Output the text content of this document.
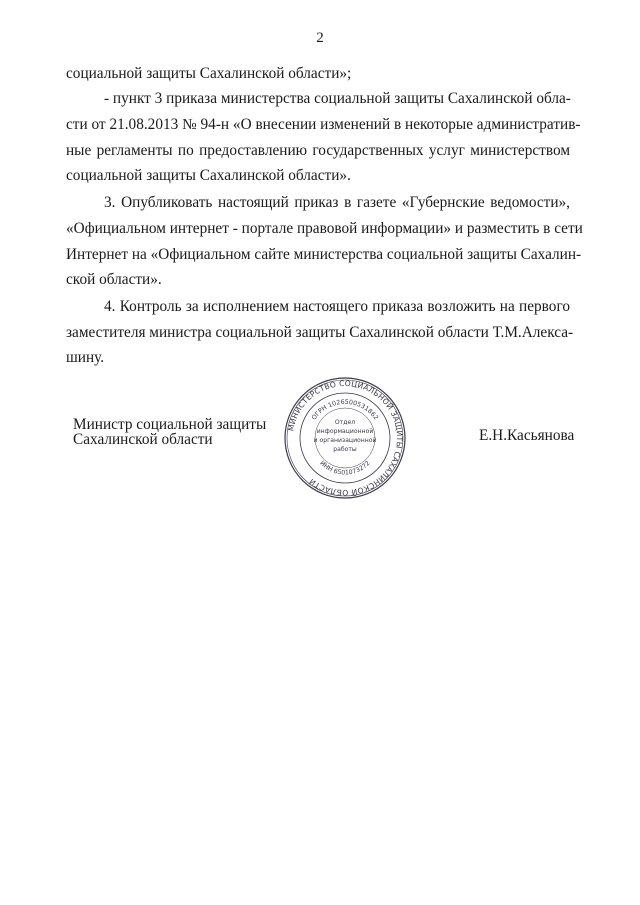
2
социальной защиты Сахалинской области»;
- пункт 3 приказа министерства социальной защиты Сахалинской обла-
сти от 21.08.2013 № 94-н «О внесении изменений в некоторые административ-
ные регламенты по предоставлению государственных услуг министерством
социальной защиты Сахалинской области».
3. Опубликовать настоящий приказ в газете «Губернские ведомости»,
«Официальном интернет - портале правовой информации» и разместить в сети
Интернет на «Официальном сайте министерства социальной защиты Сахалин-
ской области».
4. Контроль за исполнением настоящего приказа возложить на первого
заместителя министра социальной защиты Сахалинской области Т.М.Алекса-
шину.
Министр социальной защиты
Сахалинской области	Е.Н.Касьянова
МИНИСТЕРСТВО СОЦИАЛЬНОЙ ЗАЩИТЫ САХАЛИНСКОЙ ОБЛАСТИ
ОГРН 1026500531862
ИНН 6501073272
Отдел
информационной
и организационной
работы
